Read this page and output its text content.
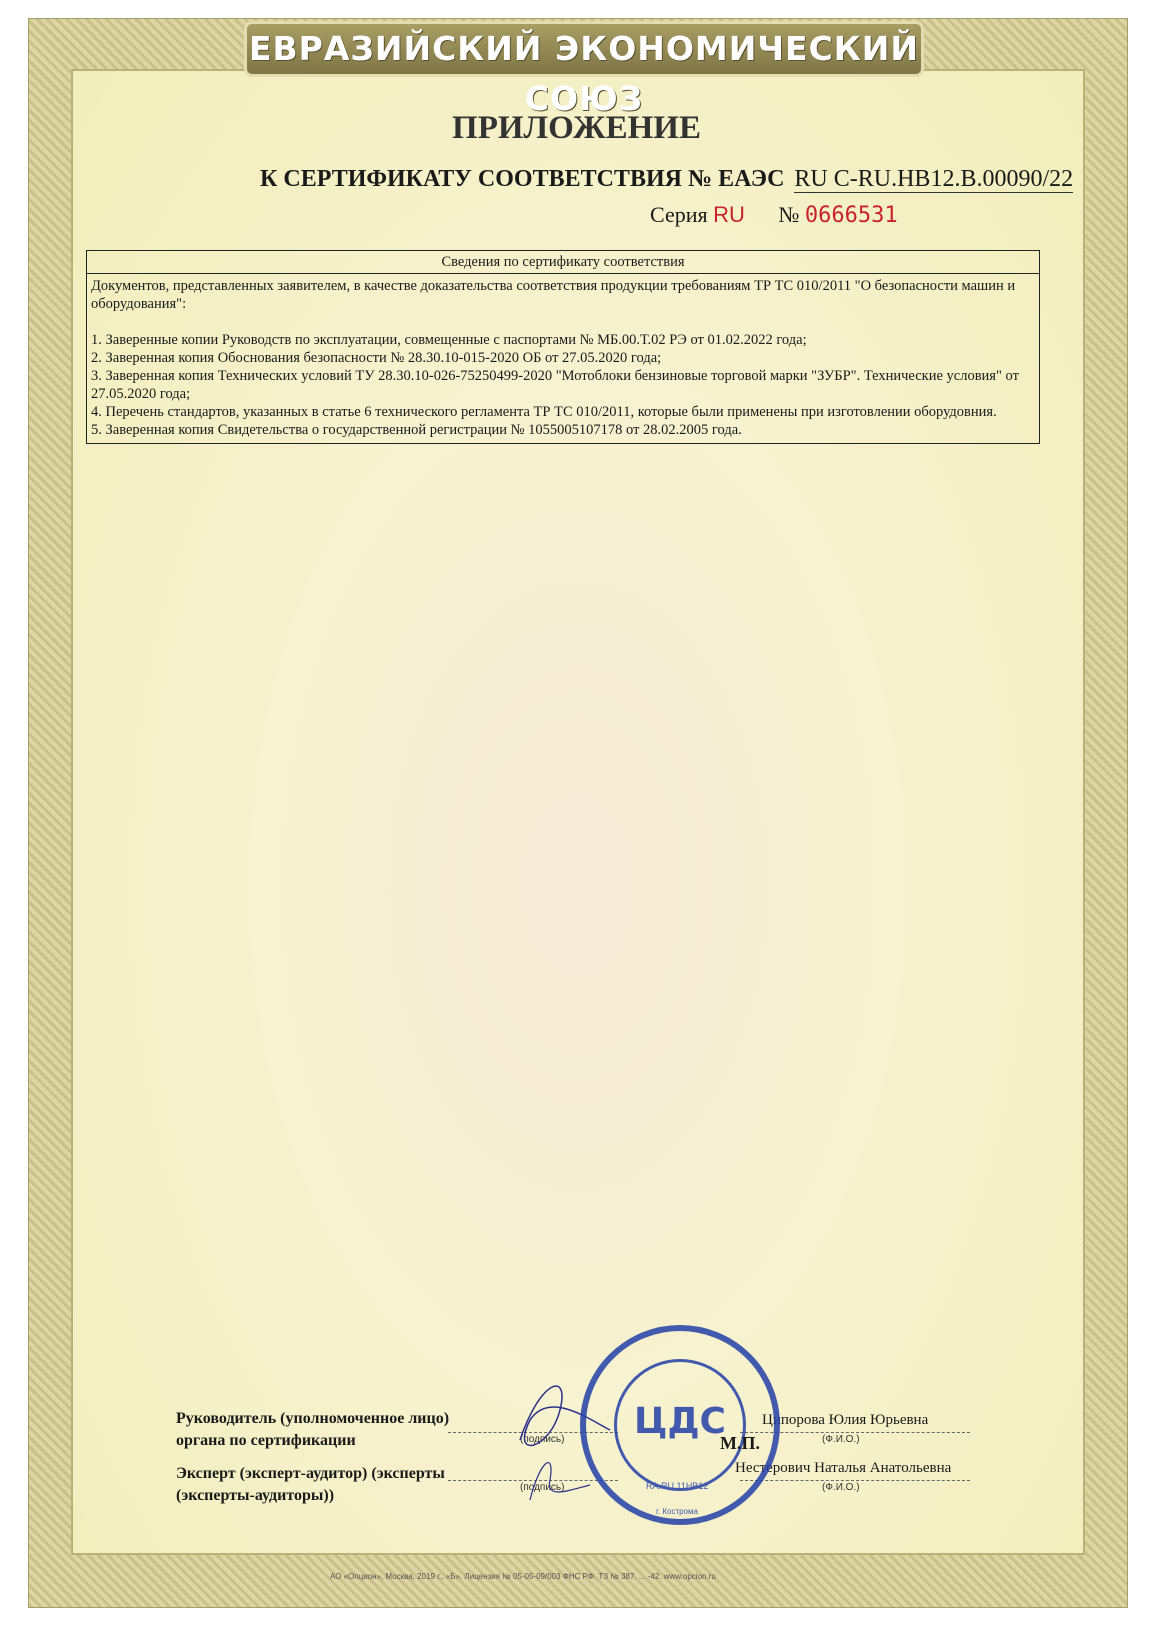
ЕВРАЗИЙСКИЙ ЭКОНОМИЧЕСКИЙ СОЮЗ
ПРИЛОЖЕНИЕ
К СЕРТИФИКАТУ СООТВЕТСТВИЯ № ЕАЭС RU C-RU.НВ12.В.00090/22
Серия RU № 0666531
Сведения по сертификату соответствия

Документов, представленных заявителем, в качестве доказательства соответствия продукции требованиям ТР ТС 010/2011 "О безопасности машин и оборудования":

1. Заверенные копии Руководств по эксплуатации, совмещенные с паспортами № МБ.00.Т.02 РЭ от 01.02.2022 года;

2. Заверенная копия Обоснования безопасности № 28.30.10-015-2020 ОБ от 27.05.2020 года;

3. Заверенная копия Технических условий ТУ 28.30.10-026-75250499-2020 "Мотоблоки бензиновые торговой марки "ЗУБР". Технические условия" от 27.05.2020 года;

4. Перечень стандартов, указанных в статье 6 технического регламента ТР ТС 010/2011, которые были применены при изготовлении оборудовния.

5. Заверенная копия Свидетельства о государственной регистрации № 1055005107178 от 28.02.2005 года.

Руководитель (уполномоченное лицо) органа по сертификации
Эксперт (эксперт-аудитор) (эксперты (эксперты-аудиторы))
(подпись)
(подпись)
(Ф.И.О.)
(Ф.И.О.)
Ципорова Юлия Юрьевна
Нестерович Наталья Анатольевна
ЦДС
RA.RU.11НВ12
г. Кострома
М.П.
АО «Опцион», Москва, 2019 г., «Б». Лицензия № 05-05-09/003 ФНС РФ. ТЗ № 387. ... -42. www.opcion.ru
